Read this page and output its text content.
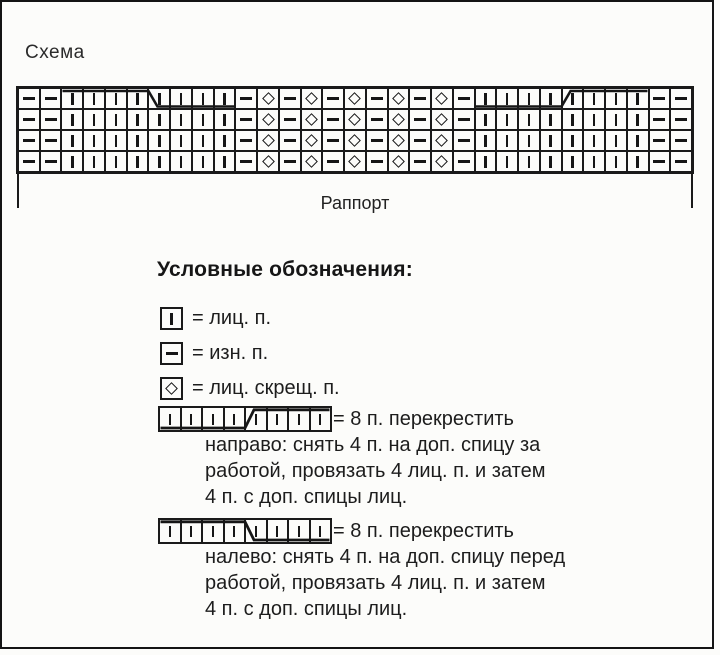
Схема
Раппорт
Условные обозначения:
= лиц. п.
= изн. п.
= лиц. скрещ. п.
= 8 п. перекрестить
направо: снять 4 п. на доп. спицу за
работой, провязать 4 лиц. п. и затем
4 п. с доп. спицы лиц.
= 8 п. перекрестить
налево: снять 4 п. на доп. спицу перед
работой, провязать 4 лиц. п. и затем
4 п. с доп. спицы лиц.
